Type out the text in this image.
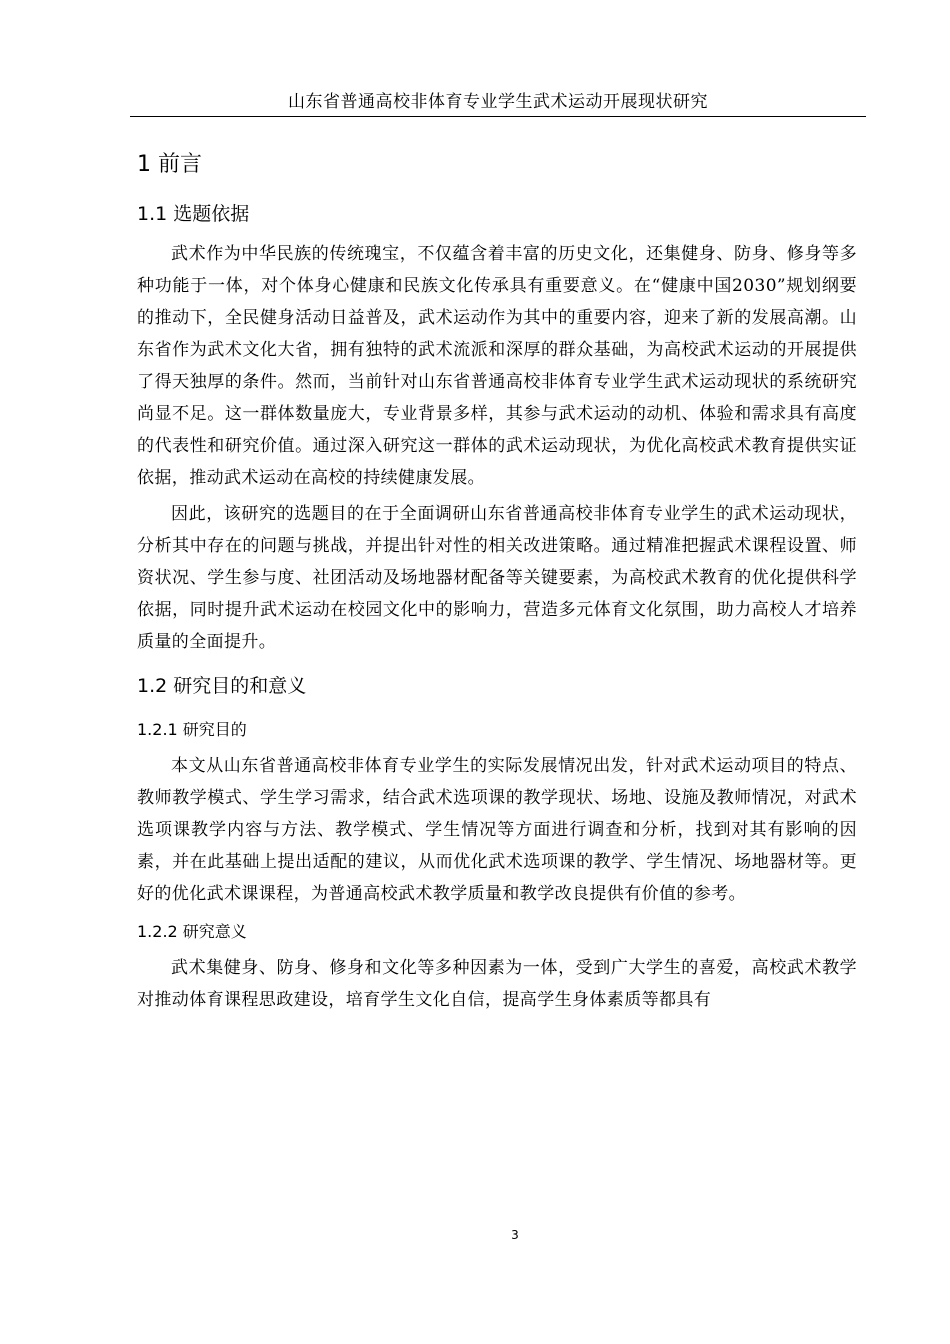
山东省普通高校非体育专业学生武术运动开展现状研究
1 前言
1.1 选题依据

武术作为中华民族的传统瑰宝，不仅蕴含着丰富的历史文化，还集健身、防身、修身等多种功能于一体，对个体身心健康和民族文化传承具有重要意义。在“健康中国2030”规划纲要的推动下，全民健身活动日益普及，武术运动作为其中的重要内容，迎来了新的发展高潮。山东省作为武术文化大省，拥有独特的武术流派和深厚的群众基础，为高校武术运动的开展提供了得天独厚的条件。然而，当前针对山东省普通高校非体育专业学生武术运动现状的系统研究尚显不足。这一群体数量庞大，专业背景多样，其参与武术运动的动机、体验和需求具有高度的代表性和研究价值。通过深入研究这一群体的武术运动现状，为优化高校武术教育提供实证依据，推动武术运动在高校的持续健康发展。

因此，该研究的选题目的在于全面调研山东省普通高校非体育专业学生的武术运动现状，分析其中存在的问题与挑战，并提出针对性的相关改进策略。通过精准把握武术课程设置、师资状况、学生参与度、社团活动及场地器材配备等关键要素，为高校武术教育的优化提供科学依据，同时提升武术运动在校园文化中的影响力，营造多元体育文化氛围，助力高校人才培养质量的全面提升。

1.2 研究目的和意义
1.2.1 研究目的

本文从山东省普通高校非体育专业学生的实际发展情况出发，针对武术运动项目的特点、教师教学模式、学生学习需求，结合武术选项课的教学现状、场地、设施及教师情况，对武术选项课教学内容与方法、教学模式、学生情况等方面进行调查和分析，找到对其有影响的因素，并在此基础上提出适配的建议，从而优化武术选项课的教学、学生情况、场地器材等。更好的优化武术课课程，为普通高校武术教学质量和教学改良提供有价值的参考。

1.2.2 研究意义

武术集健身、防身、修身和文化等多种因素为一体，受到广大学生的喜爱，高校武术教学对推动体育课程思政建设，培育学生文化自信，提高学生身体素质等都具有

3
